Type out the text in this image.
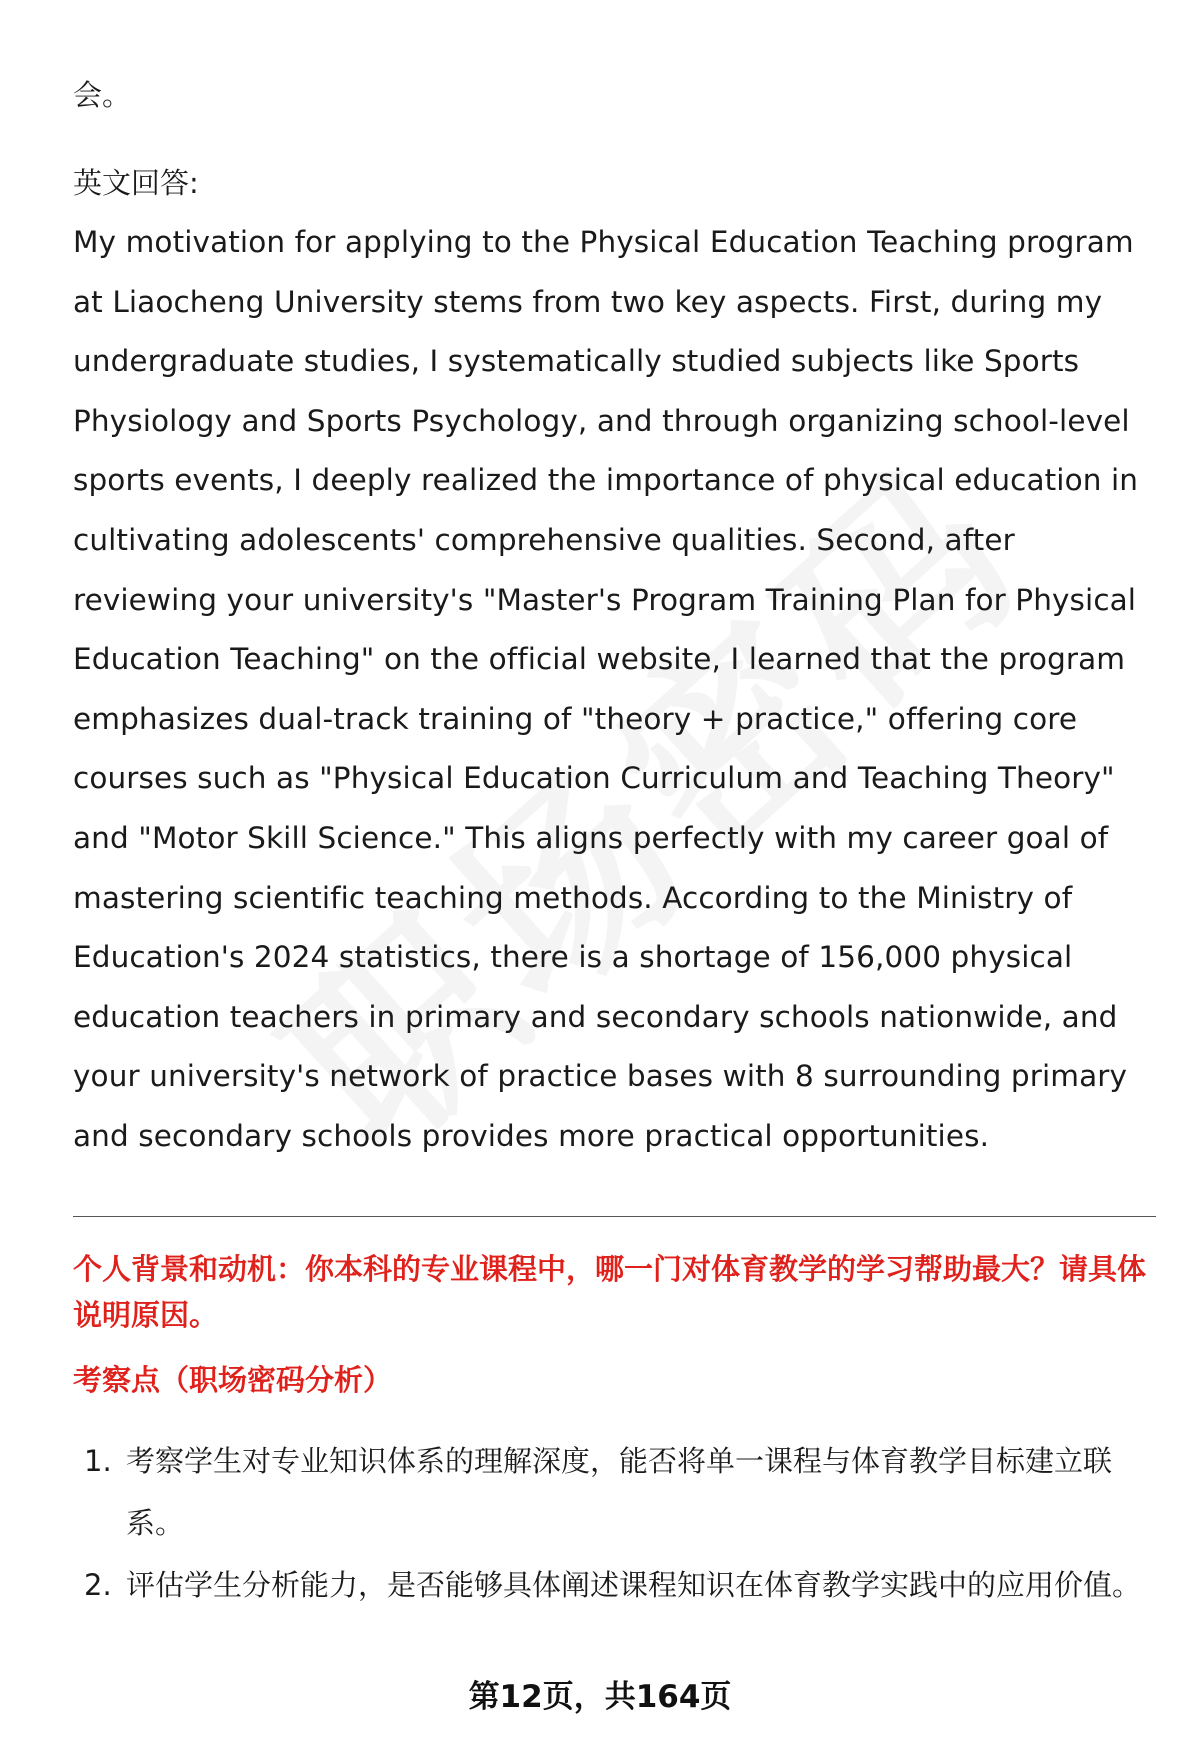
会。
英文回答:
My motivation for applying to the Physical Education Teaching program at Liaocheng University stems from two key aspects. First, during my undergraduate studies, I systematically studied subjects like Sports Physiology and Sports Psychology, and through organizing school-level sports events, I deeply realized the importance of physical education in cultivating adolescents' comprehensive qualities. Second, after reviewing your university's "Master's Program Training Plan for Physical Education Teaching" on the official website, I learned that the program emphasizes dual-track training of "theory + practice," offering core courses such as "Physical Education Curriculum and Teaching Theory" and "Motor Skill Science." This aligns perfectly with my career goal of mastering scientific teaching methods. According to the Ministry of Education's 2024 statistics, there is a shortage of 156,000 physical education teachers in primary and secondary schools nationwide, and your university's network of practice bases with 8 surrounding primary and secondary schools provides more practical opportunities.
个人背景和动机：你本科的专业课程中，哪一门对体育教学的学习帮助最大？请具体说明原因。
考察点（职场密码分析）
1. 考察学生对专业知识体系的理解深度，能否将单一课程与体育教学目标建立联系。
2. 评估学生分析能力，是否能够具体阐述课程知识在体育教学实践中的应用价值。
第12页，共164页
